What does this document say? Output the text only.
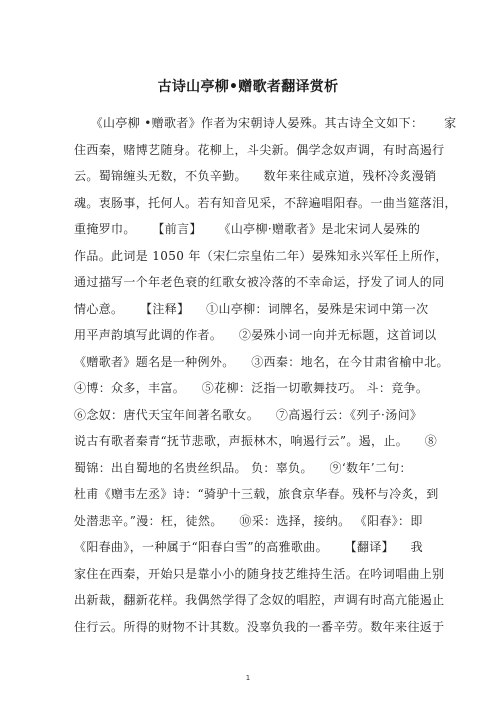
古诗山亭柳•赠歌者翻译赏析
《山亭柳 •赠歌者》作者为宋朝诗人晏殊。其古诗全文如下：     家
住西秦，赌博艺随身。花柳上，斗尖新。偶学念奴声调，有时高遏行
云。蜀锦缠头无数，不负辛勤。    数年来往咸京道，残杯冷炙漫销
魂。衷肠事，托何人。若有知音见采，不辞遍唱阳春。一曲当筵落泪，
重掩罗巾。    【前言】    《山亭柳·赠歌者》是北宋词人晏殊的
作品。此词是 1050 年（宋仁宗皇佑二年）晏殊知永兴军任上所作，
通过描写一个年老色衰的红歌女被冷落的不幸命运，抒发了词人的同
情心意。    【注释】    ①山亭柳：词牌名，晏殊是宋词中第一次
用平声韵填写此调的作者。    ②晏殊小词一向并无标题，这首词以
《赠歌者》题名是一种例外。    ③西秦：地名，在今甘肃省榆中北。
④博：众多，丰富。    ⑤花柳：泛指一切歌舞技巧。 斗：竞争。
⑥念奴：唐代天宝年间著名歌女。    ⑦高遏行云：《列子·汤问》
说古有歌者秦青“抚节悲歌，声振林木，响遏行云”。遏，止。    ⑧
蜀锦：出自蜀地的名贵丝织品。 负：辜负。    ⑨‘数年’二句：
杜甫《赠韦左丞》诗：“骑驴十三载，旅食京华春。残杯与冷炙，到
处潜悲辛。”漫：枉，徒然。    ⑩采：选择，接纳。 《阳春》：即
《阳春曲》，一种属于“阳春白雪”的高雅歌曲。    【翻译】    我
家住在西秦，开始只是靠小小的随身技艺维持生活。在吟词唱曲上别
出新裁，翻新花样。我偶然学得了念奴的唱腔，声调有时高亢能遏止
住行云。所得的财物不计其数。没辜负我的一番辛劳。数年来往返于
1
